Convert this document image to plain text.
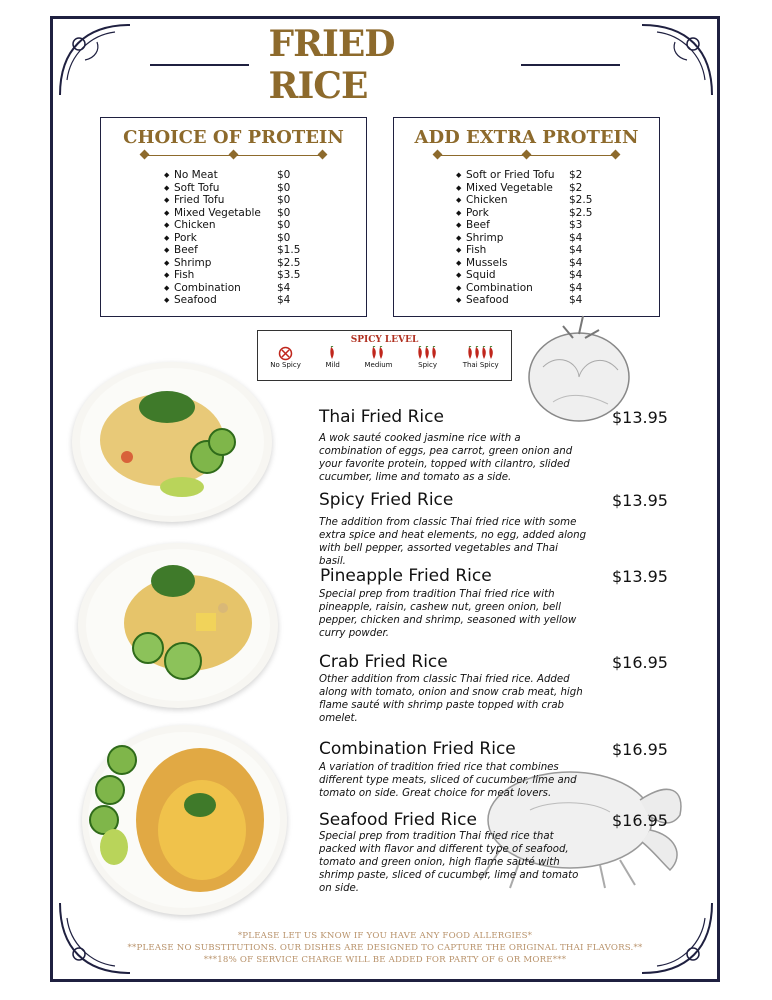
FRIED RICE
CHOICE OF PROTEIN
◆ No Meat	$0
◆ Soft Tofu	$0
◆ Fried Tofu	$0
◆ Mixed Vegetable	$0
◆ Chicken	$0
◆ Pork	$0
◆ Beef	$1.5
◆ Shrimp	$2.5
◆ Fish	$3.5
◆ Combination	$4
◆ Seafood	$4
ADD EXTRA PROTEIN
◆ Soft or Fried Tofu	$2
◆ Mixed Vegetable	$2
◆ Chicken	$2.5
◆ Pork	$2.5
◆ Beef	$3
◆ Shrimp	$4
◆ Fish	$4
◆ Mussels	$4
◆ Squid	$4
◆ Combination	$4
◆ Seafood	$4
SPICY LEVEL
No Spicy	Mild	Medium	Spicy	Thai Spicy
Thai Fried Rice	$13.95
A wok sauté cooked jasmine rice with a combination of eggs, pea carrot, green onion and your favorite protein, topped with cilantro, slided cucumber, lime and tomato as a side.
Spicy Fried Rice	$13.95
The addition from classic Thai fried rice with some extra spice and heat elements, no egg, added along with bell pepper, assorted vegetables and Thai basil.
Pineapple Fried Rice	$13.95
Special prep from tradition Thai fried rice with pineapple, raisin, cashew nut, green onion, bell pepper, chicken and shrimp, seasoned with yellow curry powder.
Crab Fried Rice	$16.95
Other addition from classic Thai fried rice. Added along with tomato, onion and snow crab meat, high flame sauté with shrimp paste topped with crab omelet.
Combination Fried Rice	$16.95
A variation of tradition fried rice that combines different type meats, sliced of cucumber, lime and tomato on side. Great choice for meat lovers.
Seafood Fried Rice	$16.95
Special prep from tradition Thai fried rice that packed with flavor and different type of seafood, tomato and green onion, high flame sauté with shrimp paste, sliced of cucumber, lime and tomato on side.
*PLEASE LET US KNOW IF YOU HAVE ANY FOOD ALLERGIES*
**PLEASE NO SUBSTITUTIONS. OUR DISHES ARE DESIGNED TO CAPTURE THE ORIGINAL THAI FLAVORS.**
***18% OF SERVICE CHARGE WILL BE ADDED FOR PARTY OF 6 OR MORE***
